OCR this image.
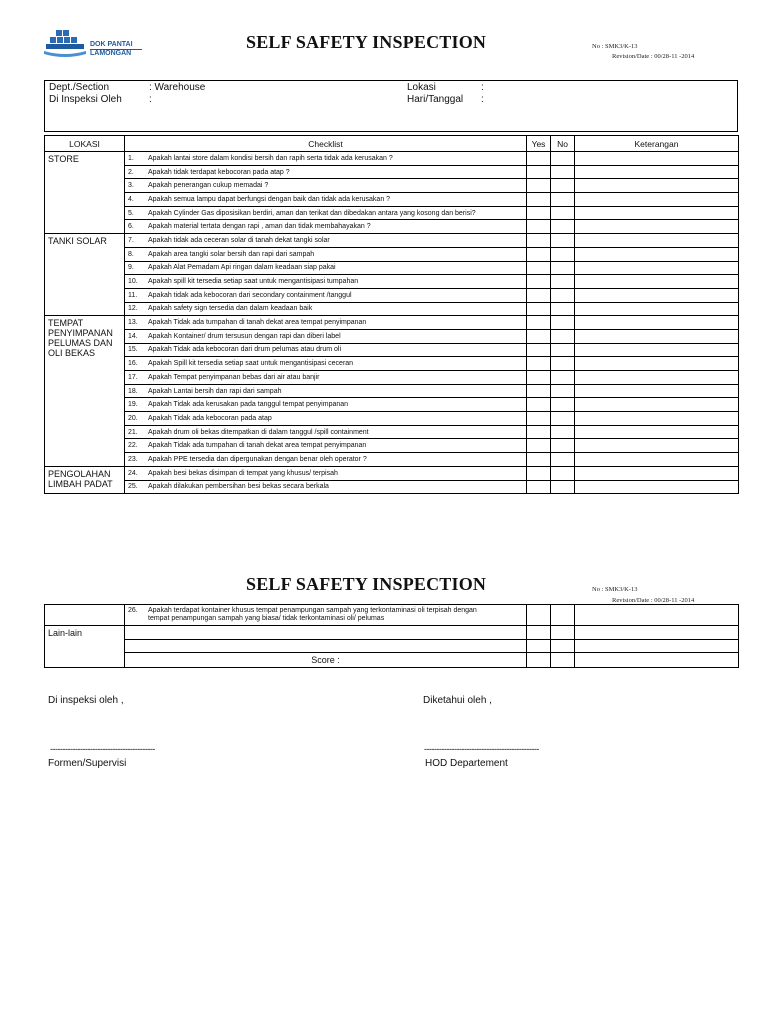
DOK PANTAI
LAMONGAN
SELF SAFETY INSPECTION	No : SMK3/K-13
Revision/Date : 00/28-11 -2014
Dept./Section	: Warehouse
Di Inspeksi Oleh	:
Lokasi	:
Hari/Tanggal :
LOKASI	Checklist	Yes	No	Keterangan
STORE	1. Apakah lantai store dalam kondisi bersih dan rapih serta tidak ada kerusakan ?			
	2. Apakah tidak terdapat kebocoran pada atap ?			
	3. Apakah penerangan cukup memadai ?			
	4. Apakah semua lampu dapat berfungsi dengan baik dan tidak ada kerusakan ?			
	5. Apakah Cylinder Gas diposisikan berdiri, aman dan terikat dan dibedakan antara yang kosong dan berisi?			
	6. Apakah material tertata dengan rapi , aman dan tidak membahayakan ?			
TANKI SOLAR	7. Apakah tidak ada ceceran solar di tanah dekat tangki solar			
	8. Apakah area tangki solar bersih dan rapi dari sampah			
	9. Apakah Alat Pemadam Api ringan dalam keadaan siap pakai			
	10. Apakah spill kit tersedia setiap saat untuk mengantisipasi tumpahan			
	11. Apakah tidak ada kebocoran dari secondary containment /tanggul			
	12. Apakah safety sign tersedia dan dalam keadaan baik			
TEMPAT PENYIMPANAN PELUMAS DAN OLI BEKAS	13. Apakah Tidak ada tumpahan di tanah dekat area tempat penyimpanan			
	14. Apakah Kontainer/ drum tersusun dengan rapi dan diberi label			
	15. Apakah Tidak ada kebocoran dari drum pelumas atau drum oli			
	16. Apakah Spill kit tersedia setiap saat untuk mengantisipasi ceceran			
	17. Apakah Tempat penyimpanan bebas dari air atau banjir			
	18. Apakah Lantai bersih dan rapi dari sampah			
	19. Apakah Tidak ada kerusakan pada tanggul tempat penyimpanan			
	20. Apakah Tidak ada kebocoran pada atap			
	21. Apakah drum oli bekas ditempatkan di dalam tanggul /spill containment			
	22. Apakah Tidak ada tumpahan di tanah dekat area tempat penyimpanan			
	23. Apakah PPE tersedia dan dipergunakan dengan benar oleh operator ?			
PENGOLAHAN LIMBAH PADAT	24. Apakah besi bekas disimpan di tempat yang khusus/ terpisah			
	25. Apakah dilakukan pembersihan besi bekas secara berkala			
SELF SAFETY INSPECTION	No : SMK3/K-13
Revision/Date : 00/28-11 -2014
	26. Apakah terdapat kontainer khusus tempat penampungan sampah yang terkontaminasi oli terpisah dengan
tempat penampungan sampah yang biasa/ tidak terkontaminasi oli/ pelumas			
Lain-lain				

	Score :			
Di inspeksi oleh ,	Diketahui oleh ,
------------------------------------------	----------------------------------------------
Formen/Supervisi	HOD Departement
